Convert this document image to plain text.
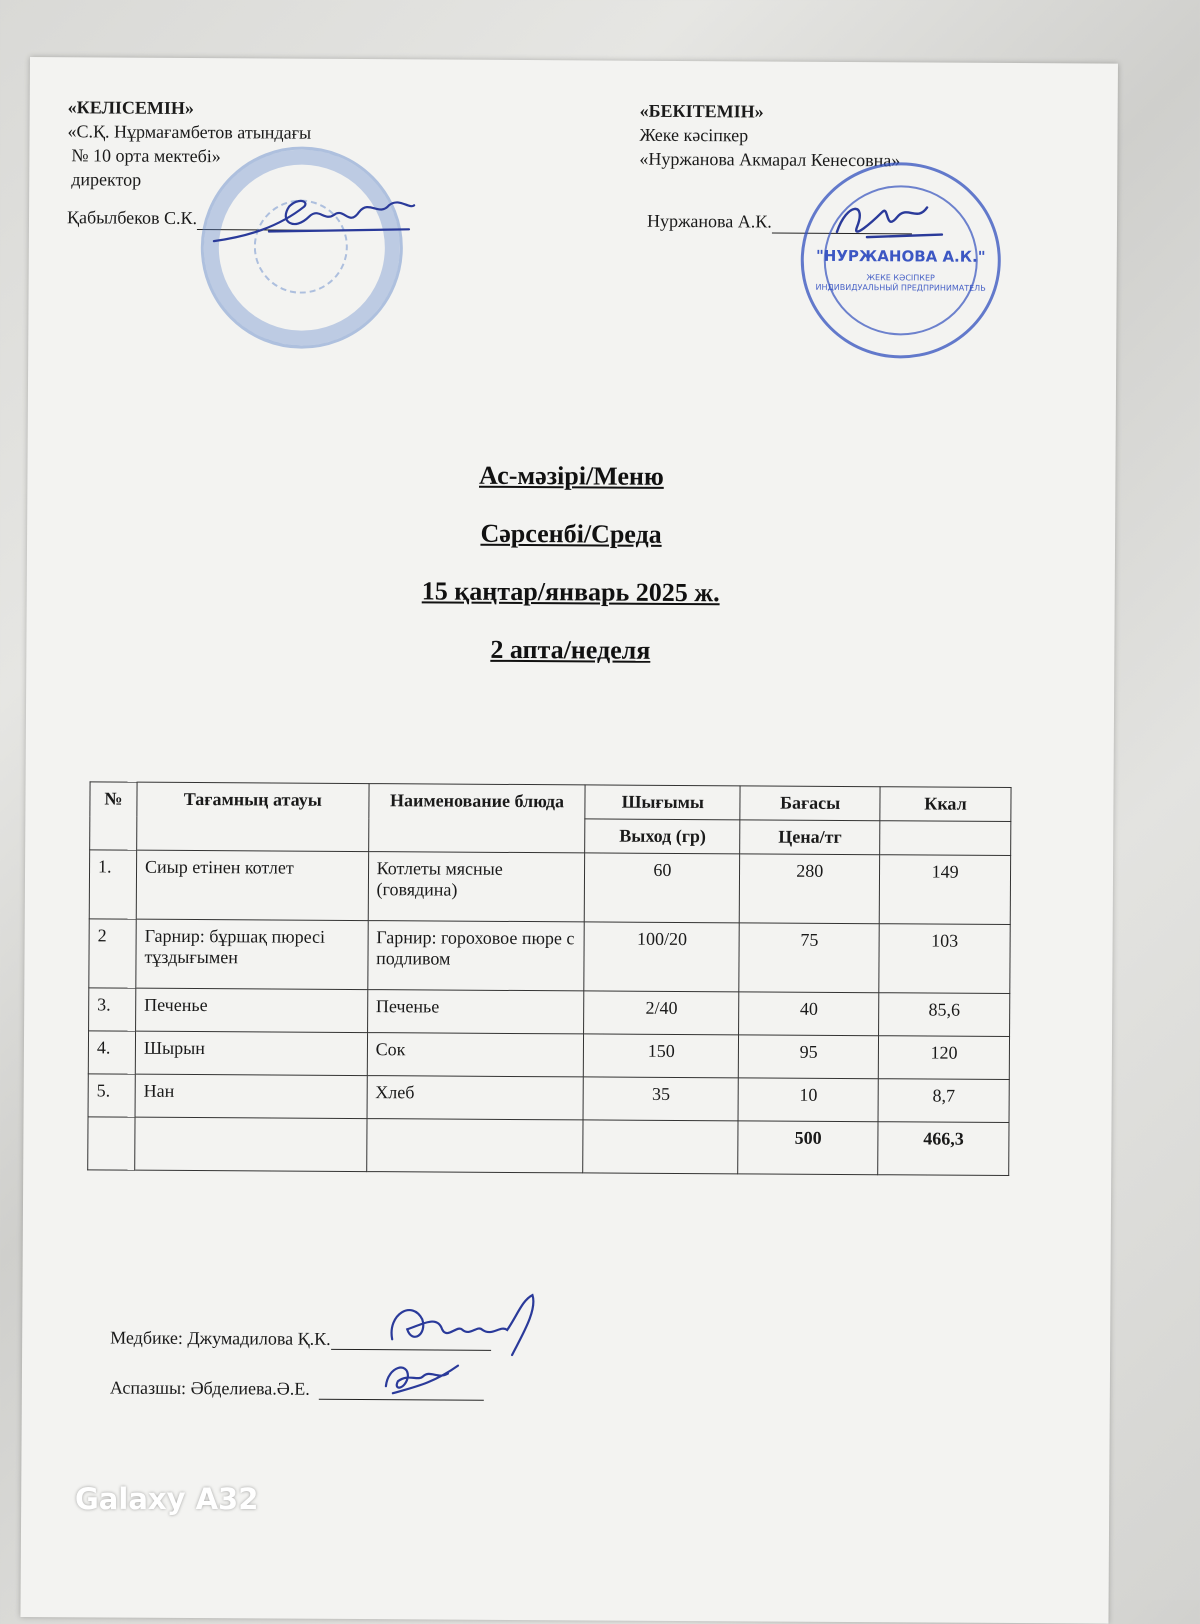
«КЕЛІСЕМІН»
«С.Қ. Нұрмағамбетов атындағы
№ 10 орта мектебі»
директор
Қабылбеков С.К.
«БЕКІТЕМІН»
Жеке кәсіпкер
«Нуржанова Акмарал Кенесовна»
Нуржанова А.К.
"НУРЖАНОВА А.К."
ЖЕКЕ КӘСІПКЕР
ИНДИВИДУАЛЬНЫЙ ПРЕДПРИНИМАТЕЛЬ
Ас-мәзірі/Меню
Сәрсенбі/Среда
15 қаңтар/январь 2025 ж.
2 апта/неделя
№	Тағамның атауы	Наименование блюда	Шығымы	Бағасы	Ккал
			Выход (гр)	Цена/тг	
1.	Сиыр етінен котлет	Котлеты мясные (говядина)	60	280	149
2	Гарнир: бұршақ пюресі тұздығымен	Гарнир: гороховое пюре с подливом	100/20	75	103
3.	Печенье	Печенье	2/40	40	85,6
4.	Шырын	Сок	150	95	120
5.	Нан	Хлеб	35	10	8,7
				500	466,3
Медбике: Джумадилова Қ.К.
Аспазшы: Әбделиева.Ә.Е.
Galaxy A32
